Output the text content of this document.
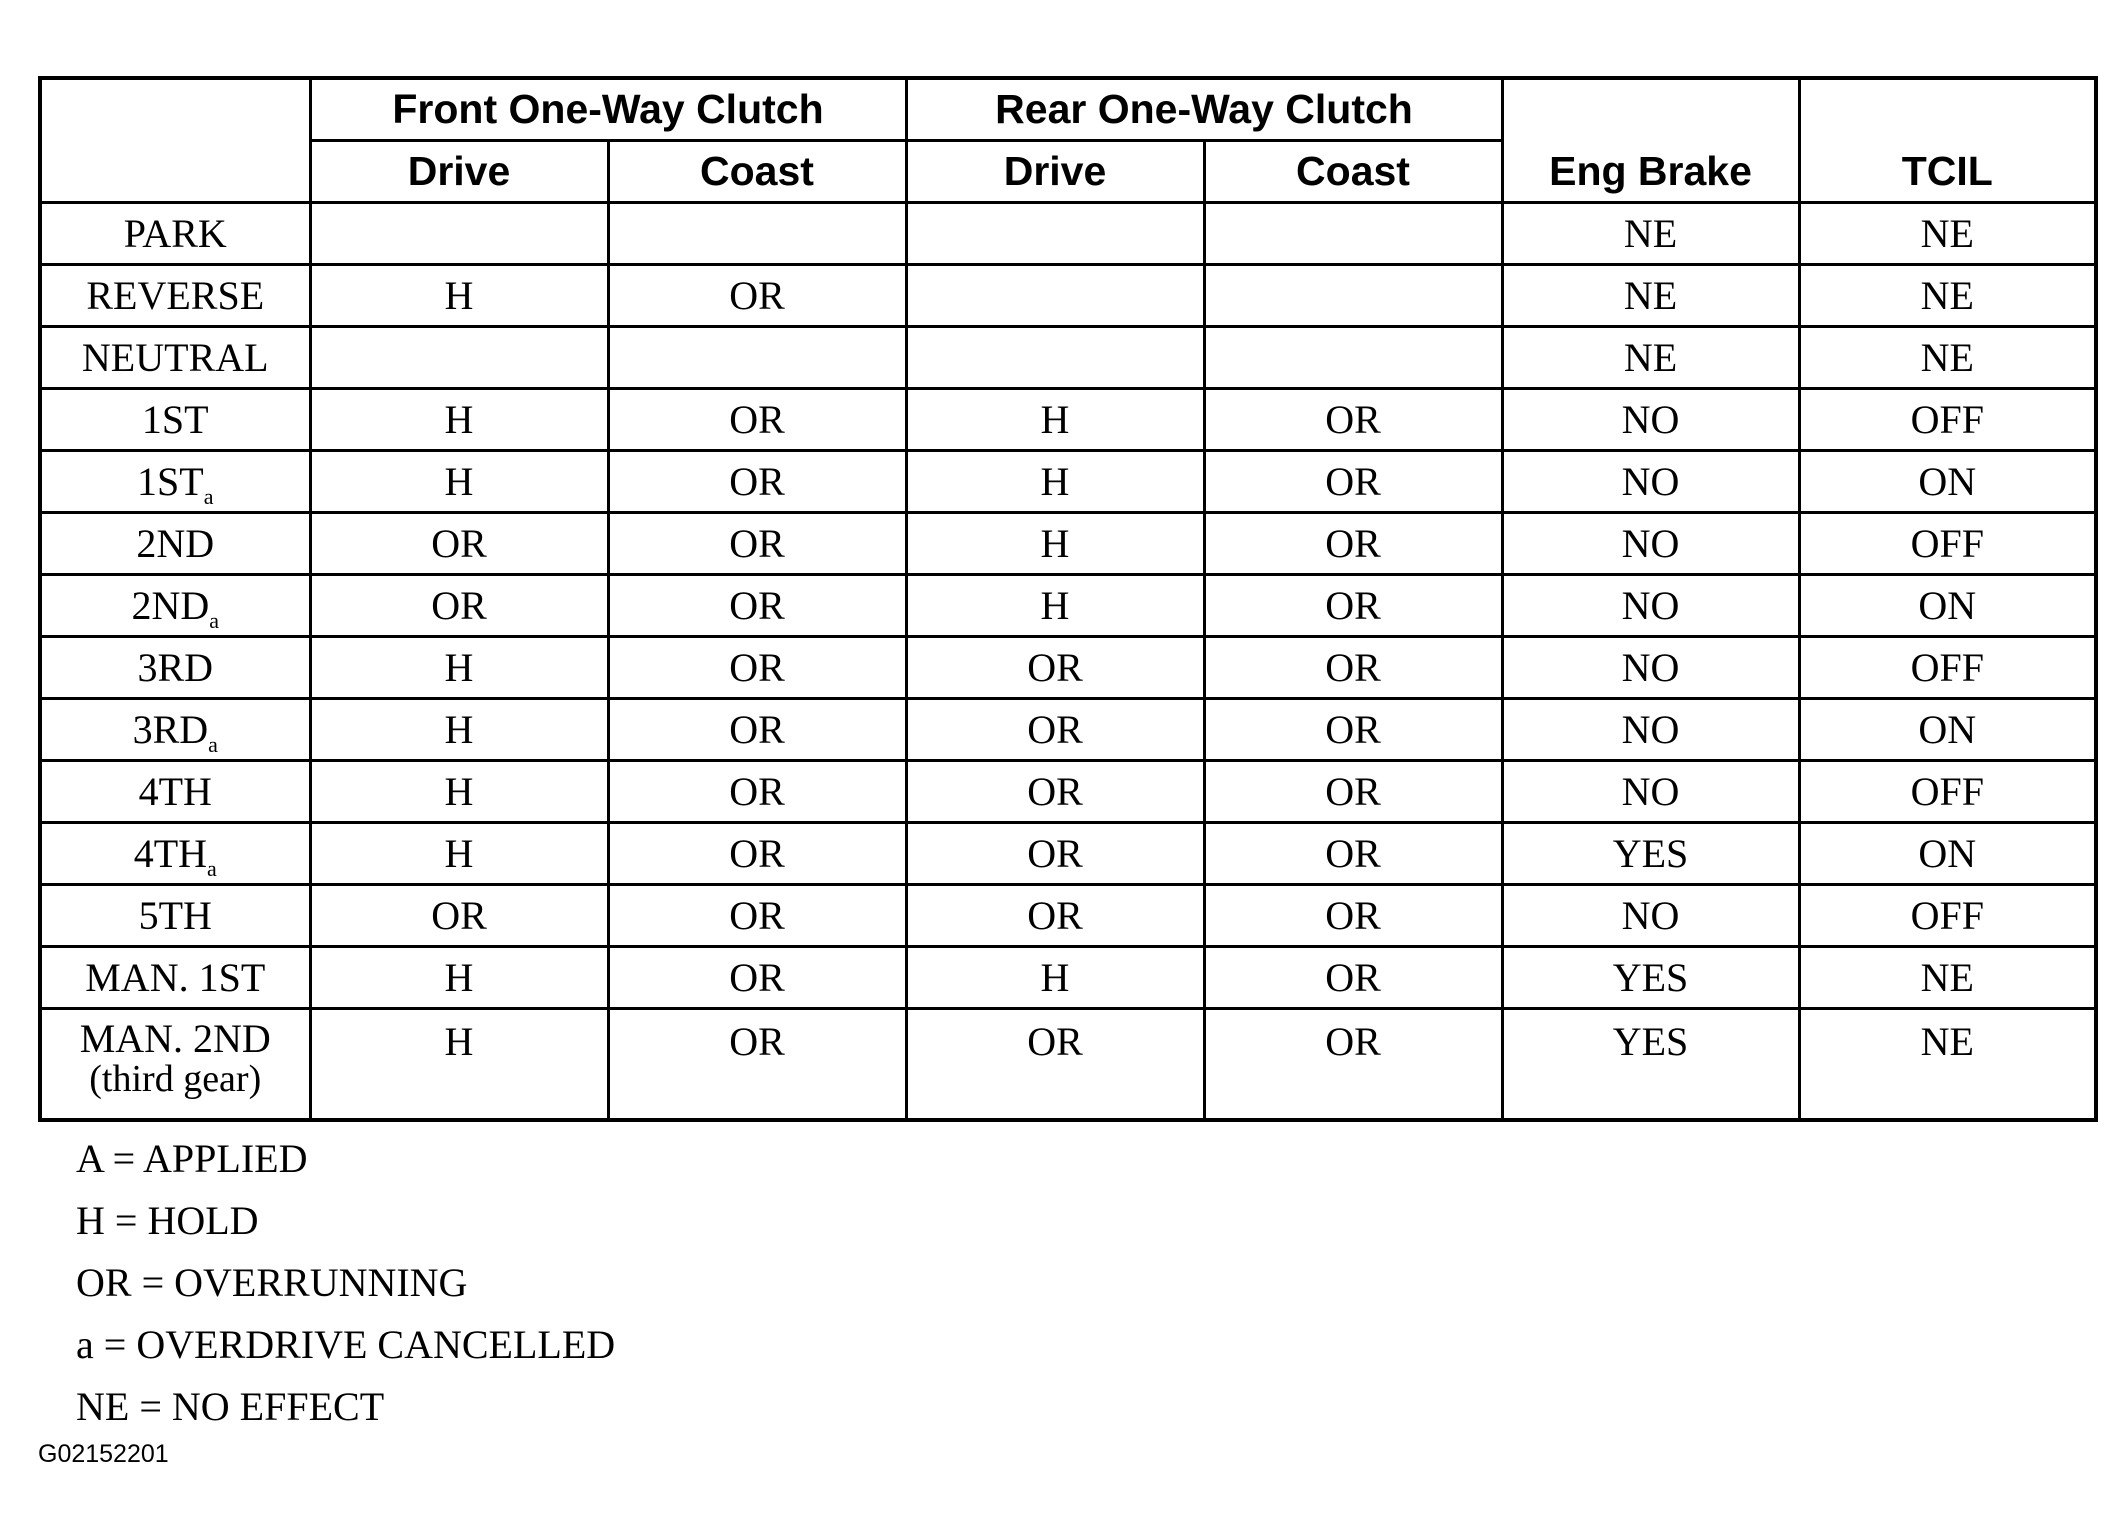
	Front One-Way Clutch		Rear One-Way Clutch		Eng Brake	TCIL
	Drive	Coast	Drive	Coast		
PARK					NE	NE
REVERSE	H	OR			NE	NE
NEUTRAL					NE	NE
1ST	H	OR	H	OR	NO	OFF
$1ST_a$	H	OR	H	OR	NO	ON
2ND	OR	OR	H	OR	NO	OFF
$2ND_a$	OR	OR	H	OR	NO	ON
3RD	H	OR	OR	OR	NO	OFF
$3RD_a$	H	OR	OR	OR	NO	ON
4TH	H	OR	OR	OR	NO	OFF
$4TH_a$	H	OR	OR	OR	YES	ON
5TH	OR	OR	OR	OR	NO	OFF
MAN. 1ST	H	OR	H	OR	YES	NE
MAN. 2ND
(third gear)	H	OR	OR	OR	YES	NE
A = APPLIED
H = HOLD
OR = OVERRUNNING
a = OVERDRIVE CANCELLED
NE = NO EFFECT
G02152201
